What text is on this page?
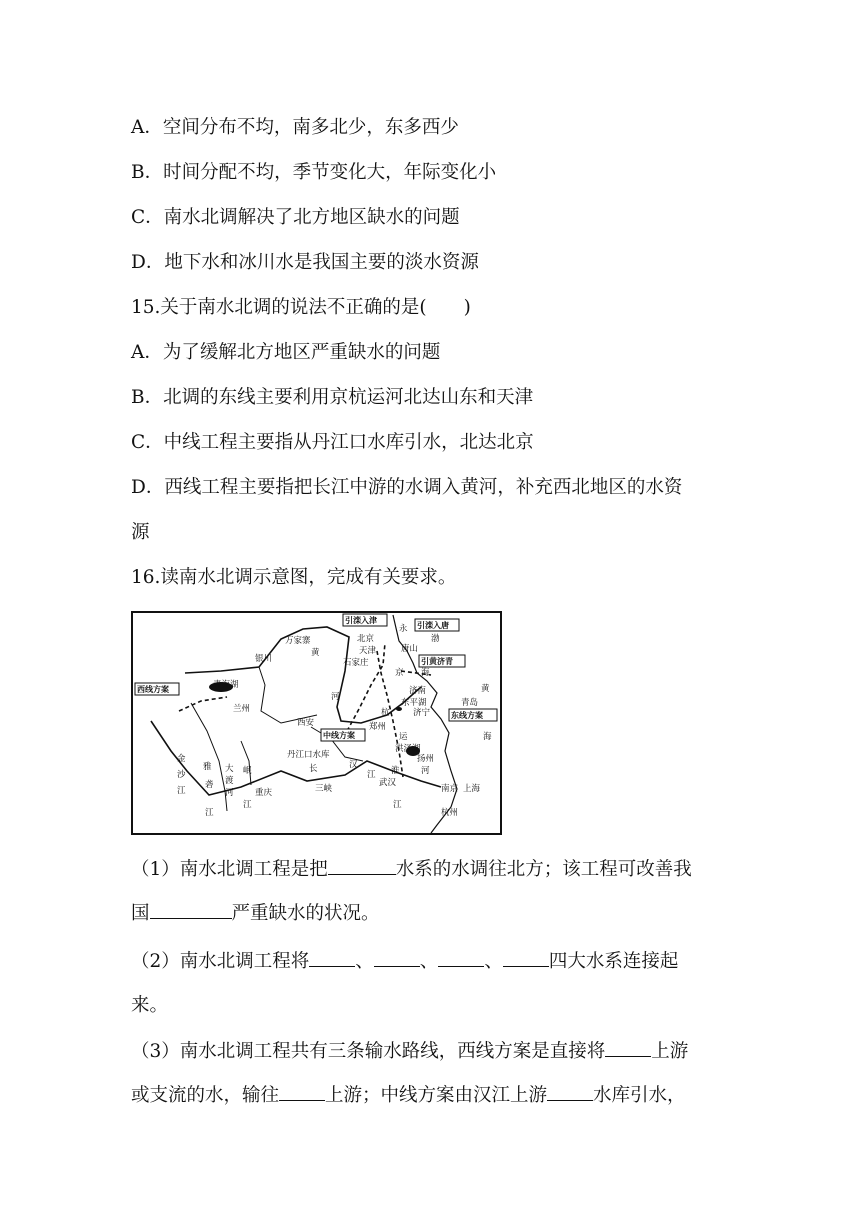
A．空间分布不均，南多北少，东多西少
B．时间分配不均，季节变化大，年际变化小
C．南水北调解决了北方地区缺水的问题
D．地下水和冰川水是我国主要的淡水资源
15.关于南水北调的说法不正确的是(　　)
A．为了缓解北方地区严重缺水的问题
B．北调的东线主要利用京杭运河北达山东和天津
C．中线工程主要指从丹江口水库引水，北达北京
D．西线工程主要指把长江中游的水调入黄河，补充西北地区的水资
源
16.读南水北调示意图，完成有关要求。
引滦入津
引滦入唐
引黄济青
西线方案
中线方案
东线方案
万家寨	北京
天津	唐山
银川	石家庄
青海湖
兰州
济南
东平湖	青岛
济宁
西安	郑州
洪泽湖
扬州
丹江口水库
南京 上海
杭州
武汉
重庆	三峡
黄
河
渤
海
黄
海
汉
江 淮	河
长
江
金
沙
江
雅
砻
江
大
渡
河
岷
江
运
京
杭
永
（1）南水北调工程是把	水系的水调往北方；该工程可改善我
国	严重缺水的状况。
（2）南水北调工程将 、 、 、 四大水系连接起
来。
（3）南水北调工程共有三条输水路线，西线方案是直接将 上游
或支流的水，输往 上游；中线方案由汉江上游 水库引水，
